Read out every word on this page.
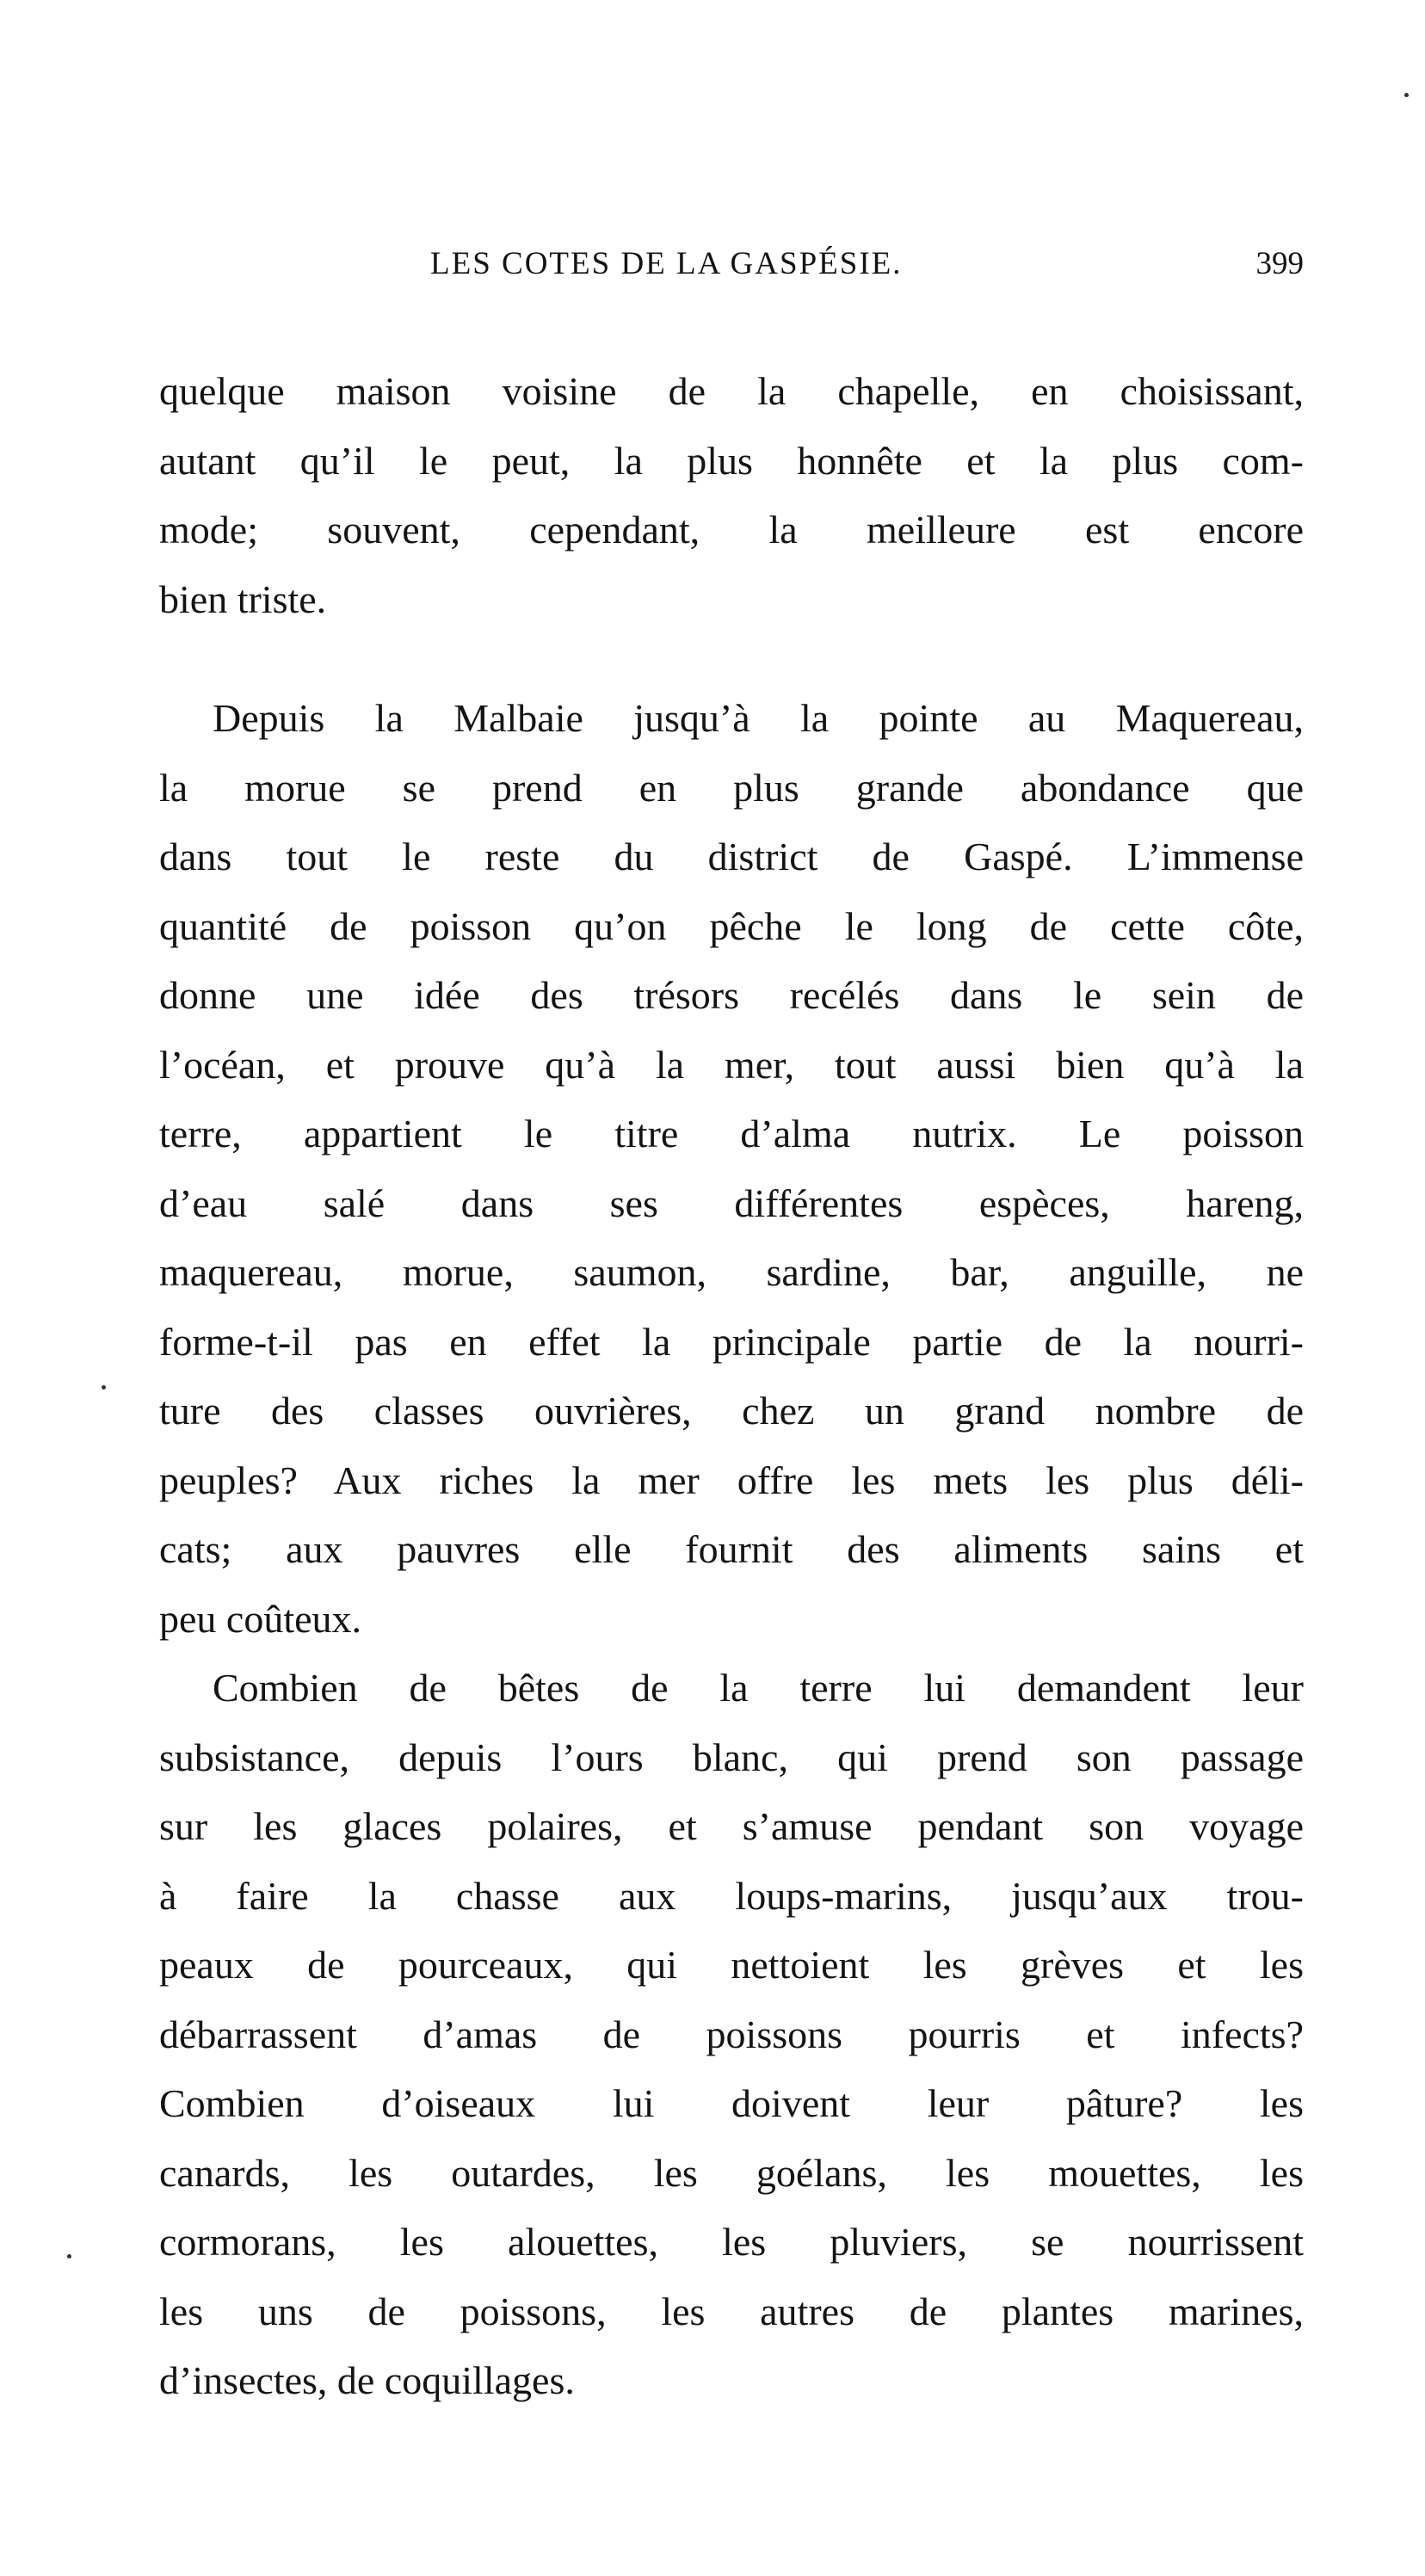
LES COTES DE LA GASPÉSIE.	399
quelque maison voisine de la chapelle, en choisissant,
autant qu’il le peut, la plus honnête et la plus com-
mode; souvent, cependant, la meilleure est encore
bien triste.
Depuis la Malbaie jusqu’à la pointe au Maquereau,
la morue se prend en plus grande abondance que
dans tout le reste du district de Gaspé. L’immense
quantité de poisson qu’on pêche le long de cette côte,
donne une idée des trésors recélés dans le sein de
l’océan, et prouve qu’à la mer, tout aussi bien qu’à la
terre, appartient le titre d’alma nutrix. Le poisson
d’eau salé dans ses différentes espèces, hareng,
maquereau, morue, saumon, sardine, bar, anguille, ne
forme-t-il pas en effet la principale partie de la nourri-
ture des classes ouvrières, chez un grand nombre de
peuples? Aux riches la mer offre les mets les plus déli-
cats; aux pauvres elle fournit des aliments sains et
peu coûteux.
Combien de bêtes de la terre lui demandent leur
subsistance, depuis l’ours blanc, qui prend son passage
sur les glaces polaires, et s’amuse pendant son voyage
à faire la chasse aux loups-marins, jusqu’aux trou-
peaux de pourceaux, qui nettoient les grèves et les
débarrassent d’amas de poissons pourris et infects?
Combien d’oiseaux lui doivent leur pâture? les
canards, les outardes, les goélans, les mouettes, les
cormorans, les alouettes, les pluviers, se nourrissent
les uns de poissons, les autres de plantes marines,
d’insectes, de coquillages.
